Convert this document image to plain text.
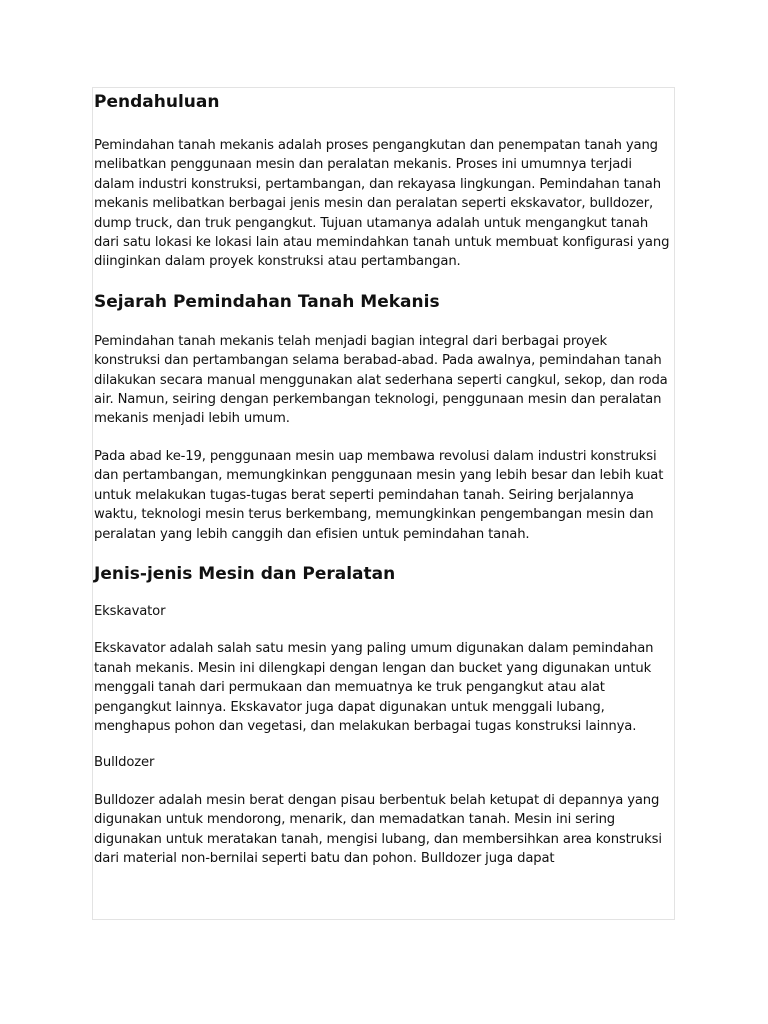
Pendahuluan

Pemindahan tanah mekanis adalah proses pengangkutan dan penempatan tanah yang melibatkan penggunaan mesin dan peralatan mekanis. Proses ini umumnya terjadi dalam industri konstruksi, pertambangan, dan rekayasa lingkungan. Pemindahan tanah mekanis melibatkan berbagai jenis mesin dan peralatan seperti ekskavator, bulldozer, dump truck, dan truk pengangkut. Tujuan utamanya adalah untuk mengangkut tanah dari satu lokasi ke lokasi lain atau memindahkan tanah untuk membuat konfigurasi yang diinginkan dalam proyek konstruksi atau pertambangan.

Sejarah Pemindahan Tanah Mekanis

Pemindahan tanah mekanis telah menjadi bagian integral dari berbagai proyek konstruksi dan pertambangan selama berabad-abad. Pada awalnya, pemindahan tanah dilakukan secara manual menggunakan alat sederhana seperti cangkul, sekop, dan roda air. Namun, seiring dengan perkembangan teknologi, penggunaan mesin dan peralatan mekanis menjadi lebih umum.

Pada abad ke-19, penggunaan mesin uap membawa revolusi dalam industri konstruksi dan pertambangan, memungkinkan penggunaan mesin yang lebih besar dan lebih kuat untuk melakukan tugas-tugas berat seperti pemindahan tanah. Seiring berjalannya waktu, teknologi mesin terus berkembang, memungkinkan pengembangan mesin dan peralatan yang lebih canggih dan efisien untuk pemindahan tanah.

Jenis-jenis Mesin dan Peralatan

Ekskavator

Ekskavator adalah salah satu mesin yang paling umum digunakan dalam pemindahan tanah mekanis. Mesin ini dilengkapi dengan lengan dan bucket yang digunakan untuk menggali tanah dari permukaan dan memuatnya ke truk pengangkut atau alat pengangkut lainnya. Ekskavator juga dapat digunakan untuk menggali lubang, menghapus pohon dan vegetasi, dan melakukan berbagai tugas konstruksi lainnya.

Bulldozer

Bulldozer adalah mesin berat dengan pisau berbentuk belah ketupat di depannya yang digunakan untuk mendorong, menarik, dan memadatkan tanah. Mesin ini sering digunakan untuk meratakan tanah, mengisi lubang, dan membersihkan area konstruksi dari material non-bernilai seperti batu dan pohon. Bulldozer juga dapat
